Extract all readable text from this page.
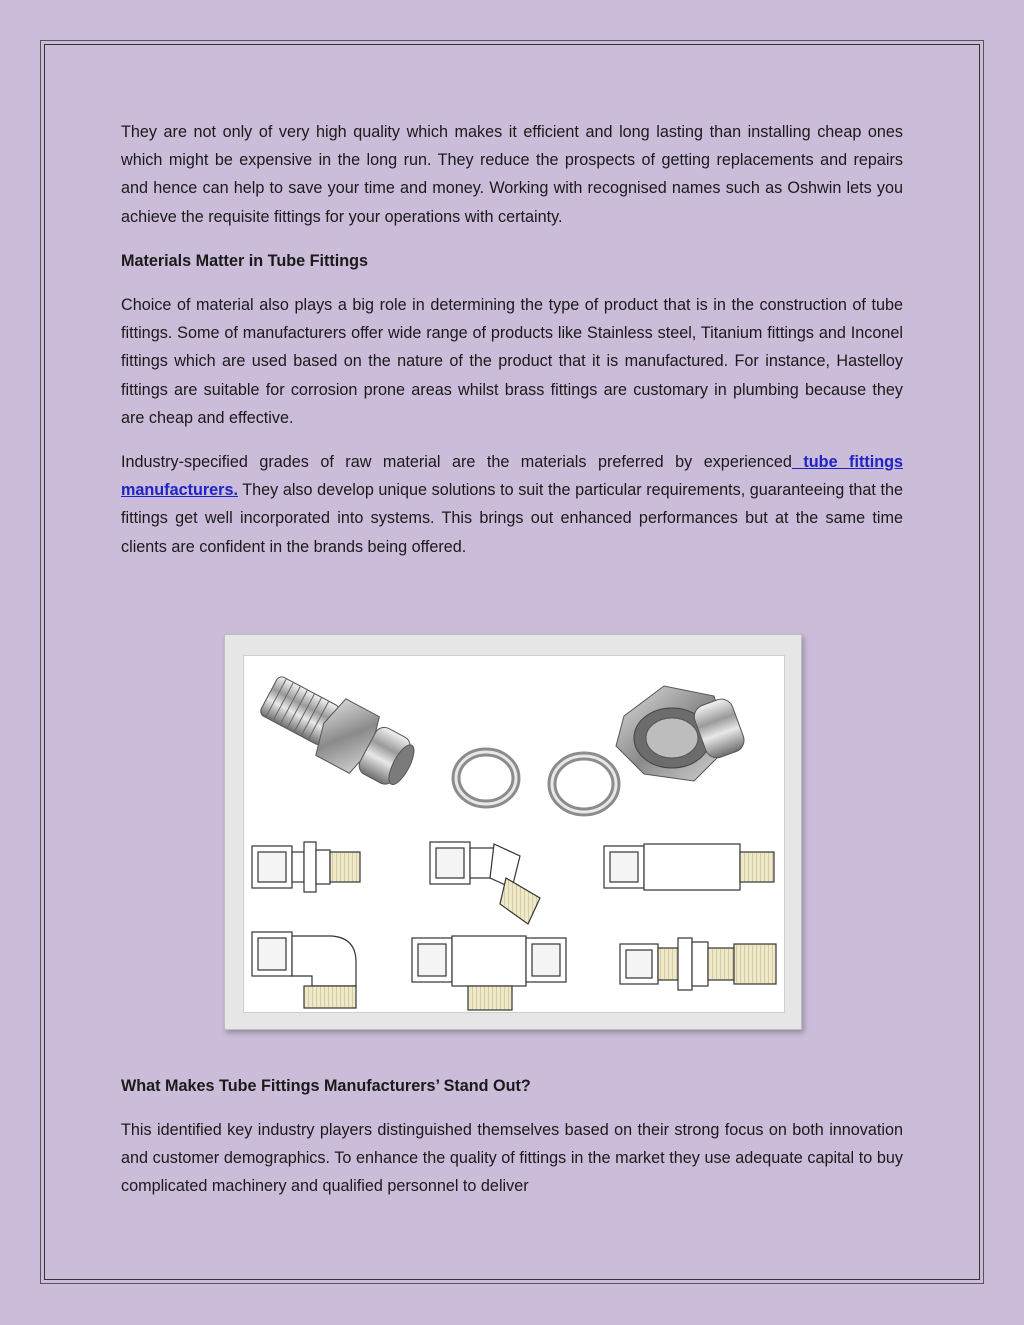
They are not only of very high quality which makes it efficient and long lasting than installing cheap ones which might be expensive in the long run. They reduce the prospects of getting replacements and repairs and hence can help to save your time and money. Working with recognised names such as Oshwin lets you achieve the requisite fittings for your operations with certainty.

Materials Matter in Tube Fittings

Choice of material also plays a big role in determining the type of product that is in the construction of tube fittings. Some of manufacturers offer wide range of products like Stainless steel, Titanium fittings and Inconel fittings which are used based on the nature of the product that it is manufactured. For instance, Hastelloy fittings are suitable for corrosion prone areas whilst brass fittings are customary in plumbing because they are cheap and effective.

Industry-specified grades of raw material are the materials preferred by experienced tube fittings manufacturers. They also develop unique solutions to suit the particular requirements, guaranteeing that the fittings get well incorporated into systems. This brings out enhanced performances but at the same time clients are confident in the brands being offered.

What Makes Tube Fittings Manufacturers’ Stand Out?

This identified key industry players distinguished themselves based on their strong focus on both innovation and customer demographics. To enhance the quality of fittings in the market they use adequate capital to buy complicated machinery and qualified personnel to deliver
